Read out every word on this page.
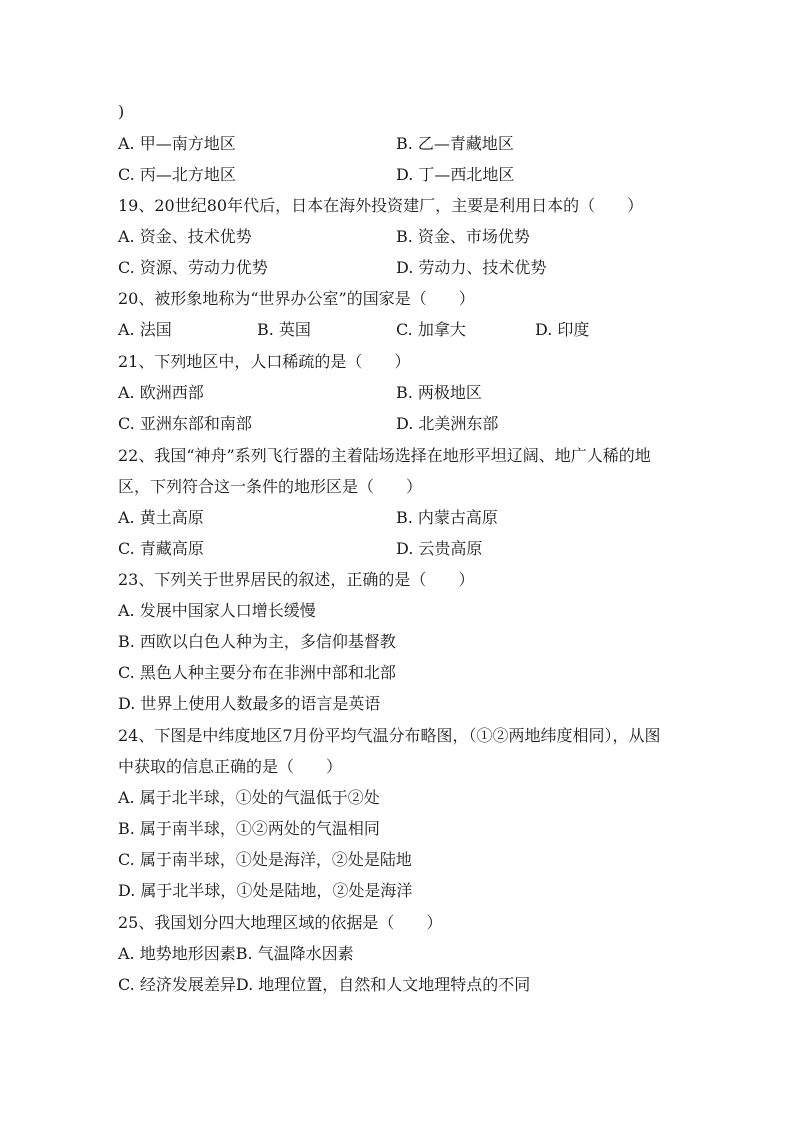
)
A. 甲—南方地区	B. 乙—青藏地区
C. 丙—北方地区	D. 丁—西北地区
19、20世纪80年代后，日本在海外投资建厂，主要是利用日本的（　　）
A. 资金、技术优势	B. 资金、市场优势
C. 资源、劳动力优势	D. 劳动力、技术优势
20、被形象地称为“世界办公室”的国家是（　　）
A. 法国	B. 英国	C. 加拿大	D. 印度
21、下列地区中，人口稀疏的是（　　）
A. 欧洲西部	B. 两极地区
C. 亚洲东部和南部	D. 北美洲东部
22、我国“神舟”系列飞行器的主着陆场选择在地形平坦辽阔、地广人稀的地
区，下列符合这一条件的地形区是（　　）
A. 黄土高原	B. 内蒙古高原
C. 青藏高原	D. 云贵高原
23、下列关于世界居民的叙述，正确的是（　　）
A. 发展中国家人口增长缓慢
B. 西欧以白色人种为主，多信仰基督教
C. 黑色人种主要分布在非洲中部和北部
D. 世界上使用人数最多的语言是英语
24、下图是中纬度地区7月份平均气温分布略图，（①②两地纬度相同），从图
中获取的信息正确的是（　　）
A. 属于北半球，①处的气温低于②处
B. 属于南半球，①②两处的气温相同
C. 属于南半球，①处是海洋，②处是陆地
D. 属于北半球，①处是陆地，②处是海洋
25、我国划分四大地理区域的依据是（　　）
A. 地势地形因素B. 气温降水因素
C. 经济发展差异D. 地理位置，自然和人文地理特点的不同
